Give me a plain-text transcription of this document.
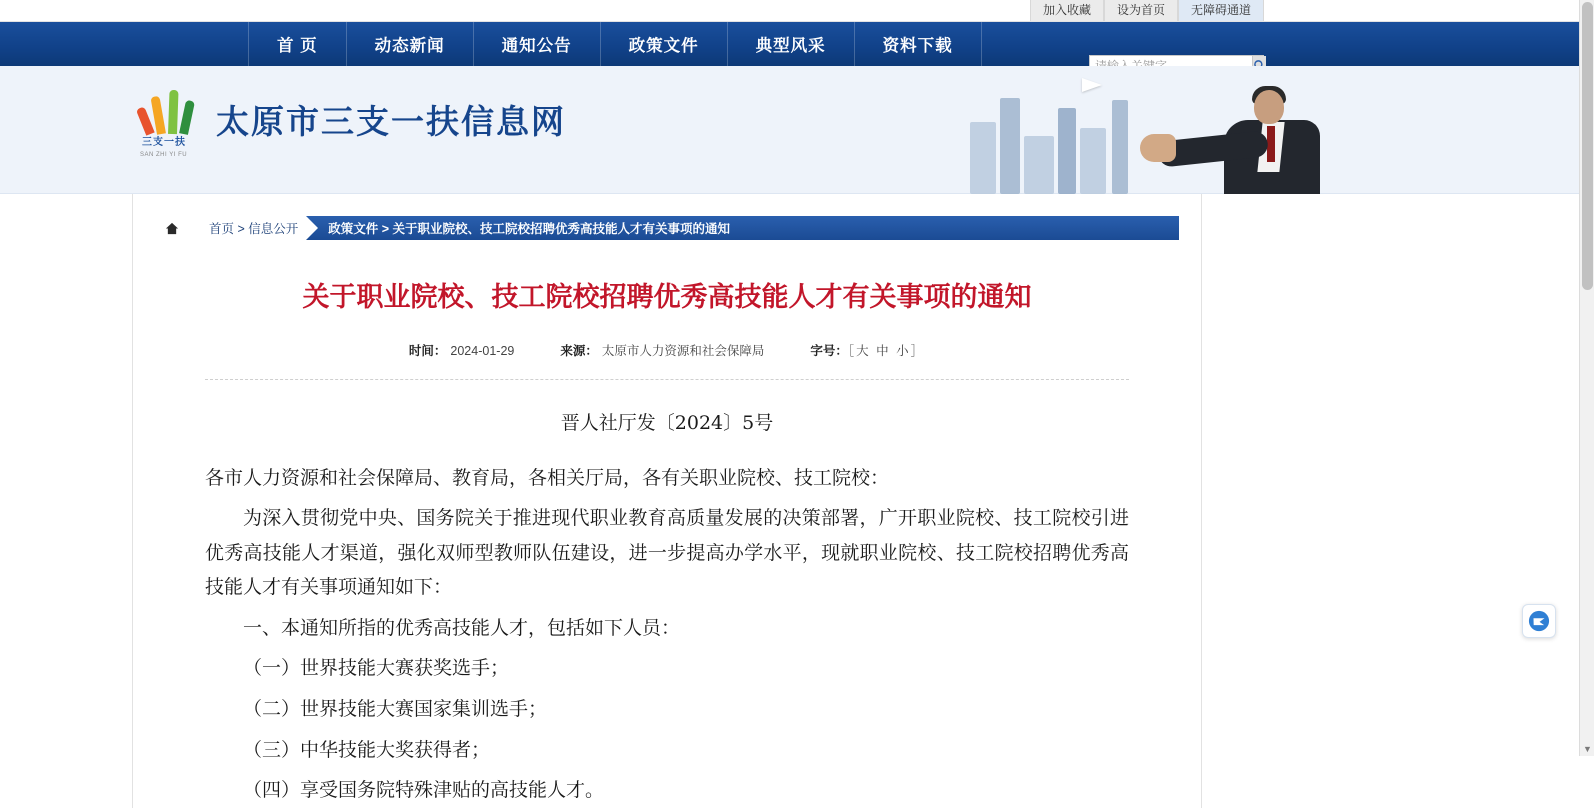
加入收藏	设为首页	无障碍通道
首 页	动态新闻	通知公告	政策文件	典型风采	资料下载
请输入关键字
三支一扶
SAN ZHI YI FU
太原市三支一扶信息网
首页 > 信息公开	政策文件 > 关于职业院校、技工院校招聘优秀高技能人才有关事项的通知
关于职业院校、技工院校招聘优秀高技能人才有关事项的通知
时间： 2024-01-29	来源： 太原市人力资源和社会保障局	字号：［大 中 小］
晋人社厅发〔2024〕5号

各市人力资源和社会保障局、教育局，各相关厅局，各有关职业院校、技工院校：

为深入贯彻党中央、国务院关于推进现代职业教育高质量发展的决策部署，广开职业院校、技工院校引进优秀高技能人才渠道，强化双师型教师队伍建设，进一步提高办学水平，现就职业院校、技工院校招聘优秀高技能人才有关事项通知如下：

一、本通知所指的优秀高技能人才，包括如下人员：

（一）世界技能大赛获奖选手；

（二）世界技能大赛国家集训选手；

（三）中华技能大奖获得者；

（四）享受国务院特殊津贴的高技能人才。

▼
